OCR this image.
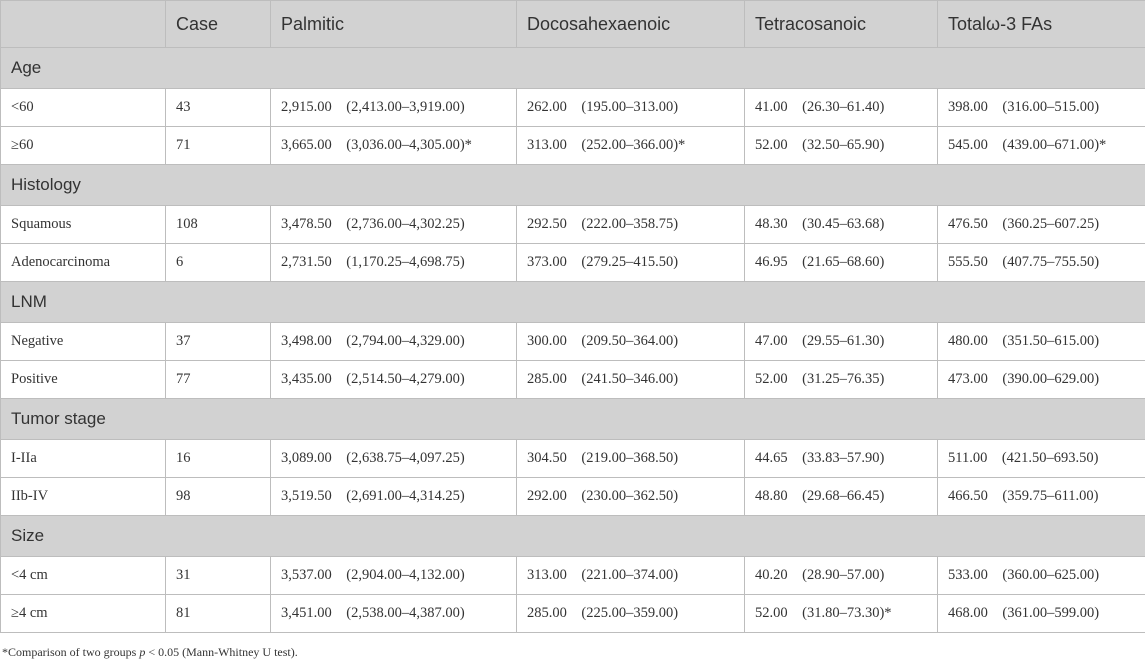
	Case	Palmitic	Docosahexaenoic	Tetracosanoic	Totalω-3 FAs
Age					
<60	43	2,915.00 (2,413.00–3,919.00)	262.00 (195.00–313.00)	41.00 (26.30–61.40)	398.00 (316.00–515.00)
≥60	71	3,665.00 (3,036.00–4,305.00)*	313.00 (252.00–366.00)*	52.00 (32.50–65.90)	545.00 (439.00–671.00)*
Histology					
Squamous	108	3,478.50 (2,736.00–4,302.25)	292.50 (222.00–358.75)	48.30 (30.45–63.68)	476.50 (360.25–607.25)
Adenocarcinoma	6	2,731.50 (1,170.25–4,698.75)	373.00 (279.25–415.50)	46.95 (21.65–68.60)	555.50 (407.75–755.50)
LNM					
Negative	37	3,498.00 (2,794.00–4,329.00)	300.00 (209.50–364.00)	47.00 (29.55–61.30)	480.00 (351.50–615.00)
Positive	77	3,435.00 (2,514.50–4,279.00)	285.00 (241.50–346.00)	52.00 (31.25–76.35)	473.00 (390.00–629.00)
Tumor stage					
I-IIa	16	3,089.00 (2,638.75–4,097.25)	304.50 (219.00–368.50)	44.65 (33.83–57.90)	511.00 (421.50–693.50)
IIb-IV	98	3,519.50 (2,691.00–4,314.25)	292.00 (230.00–362.50)	48.80 (29.68–66.45)	466.50 (359.75–611.00)
Size					
<4 cm	31	3,537.00 (2,904.00–4,132.00)	313.00 (221.00–374.00)	40.20 (28.90–57.00)	533.00 (360.00–625.00)
≥4 cm	81	3,451.00 (2,538.00–4,387.00)	285.00 (225.00–359.00)	52.00 (31.80–73.30)*	468.00 (361.00–599.00)
*Comparison of two groups p < 0.05 (Mann-Whitney U test).
